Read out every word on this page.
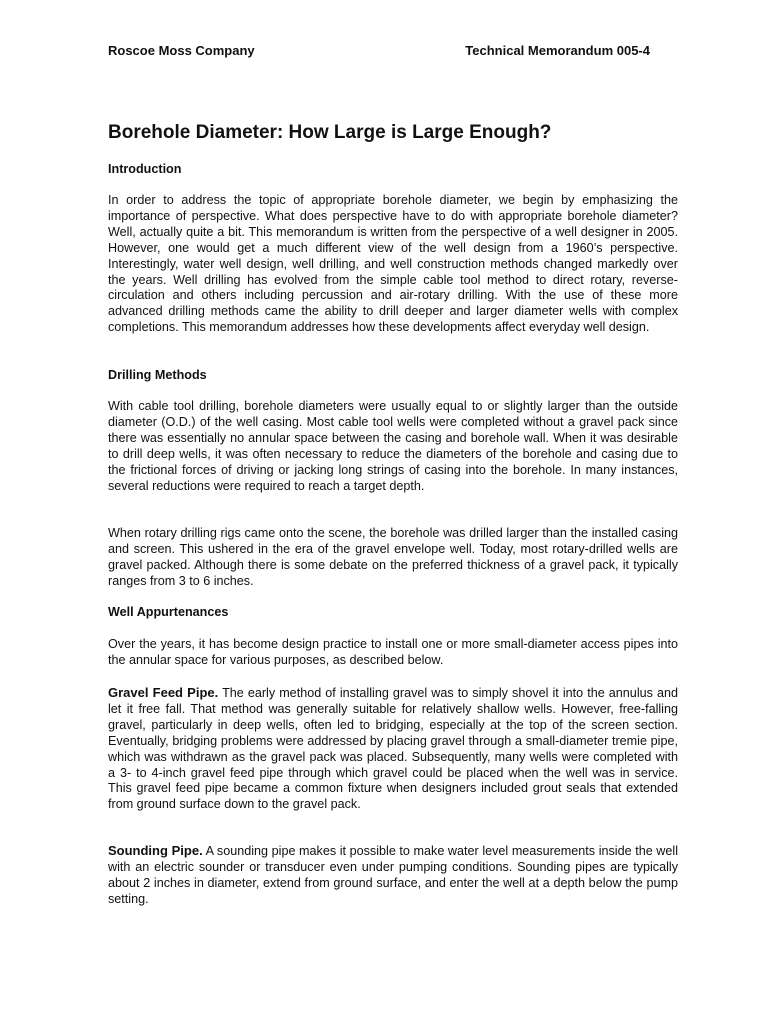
Roscoe Moss Company	Technical Memorandum 005-4
Borehole Diameter: How Large is Large Enough?
Introduction

In order to address the topic of appropriate borehole diameter, we begin by emphasizing the importance of perspective. What does perspective have to do with appropriate borehole diameter? Well, actually quite a bit. This memorandum is written from the perspective of a well designer in 2005. However, one would get a much different view of the well design from a 1960’s perspective. Interestingly, water well design, well drilling, and well construction methods changed markedly over the years. Well drilling has evolved from the simple cable tool method to direct rotary, reverse-circulation and others including percussion and air-rotary drilling. With the use of these more advanced drilling methods came the ability to drill deeper and larger diameter wells with complex completions. This memorandum addresses how these developments affect everyday well design.

Drilling Methods

With cable tool drilling, borehole diameters were usually equal to or slightly larger than the outside diameter (O.D.) of the well casing. Most cable tool wells were completed without a gravel pack since there was essentially no annular space between the casing and borehole wall. When it was desirable to drill deep wells, it was often necessary to reduce the diameters of the borehole and casing due to the frictional forces of driving or jacking long strings of casing into the borehole. In many instances, several reductions were required to reach a target depth.

When rotary drilling rigs came onto the scene, the borehole was drilled larger than the installed casing and screen. This ushered in the era of the gravel envelope well. Today, most rotary-drilled wells are gravel packed. Although there is some debate on the preferred thickness of a gravel pack, it typically ranges from 3 to 6 inches.

Well Appurtenances

Over the years, it has become design practice to install one or more small-diameter access pipes into the annular space for various purposes, as described below.

Gravel Feed Pipe. The early method of installing gravel was to simply shovel it into the annulus and let it free fall. That method was generally suitable for relatively shallow wells. However, free-falling gravel, particularly in deep wells, often led to bridging, especially at the top of the screen section. Eventually, bridging problems were addressed by placing gravel through a small-diameter tremie pipe, which was withdrawn as the gravel pack was placed. Subsequently, many wells were completed with a 3- to 4-inch gravel feed pipe through which gravel could be placed when the well was in service. This gravel feed pipe became a common fixture when designers included grout seals that extended from ground surface down to the gravel pack.

Sounding Pipe. A sounding pipe makes it possible to make water level measurements inside the well with an electric sounder or transducer even under pumping conditions. Sounding pipes are typically about 2 inches in diameter, extend from ground surface, and enter the well at a depth below the pump setting.
